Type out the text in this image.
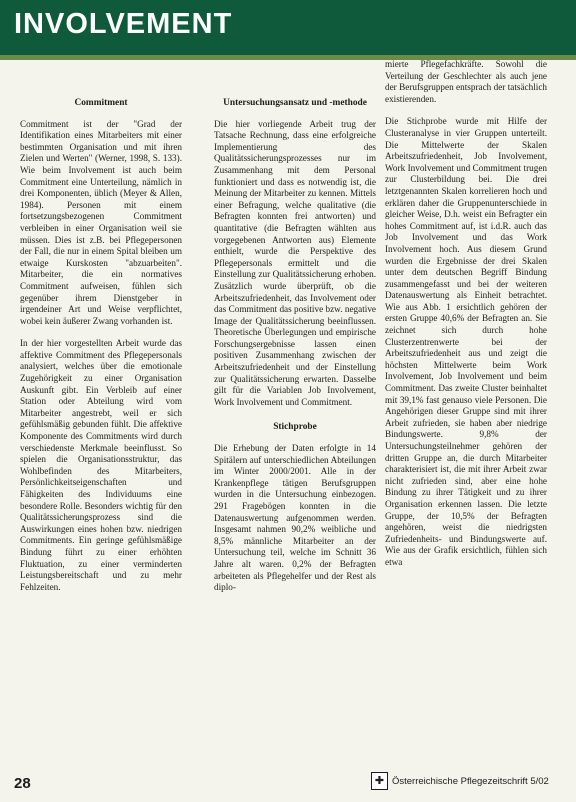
INVOLVEMENT
Commitment

Commitment ist der "Grad der Identifikation eines Mitarbeiters mit einer bestimmten Organisation und mit ihren Zielen und Werten" (Werner, 1998, S. 133). Wie beim Involvement ist auch beim Commitment eine Unterteilung, nämlich in drei Komponenten, üblich (Meyer & Allen, 1984). Personen mit einem fortsetzungsbezogenen Commitment verbleiben in einer Organisation weil sie müssen. Dies ist z.B. bei Pflegepersonen der Fall, die nur in einem Spital bleiben um etwaige Kurskosten "abzuarbeiten". Mitarbeiter, die ein normatives Commitment aufweisen, fühlen sich gegenüber ihrem Dienstgeber in irgendeiner Art und Weise verpflichtet, wobei kein äußerer Zwang vorhanden ist.

In der hier vorgestellten Arbeit wurde das affektive Commitment des Pflegepersonals analysiert, welches über die emotionale Zugehörigkeit zu einer Organisation Auskunft gibt. Ein Verbleib auf einer Station oder Abteilung wird vom Mitarbeiter angestrebt, weil er sich gefühlsmäßig gebunden fühlt. Die affektive Komponente des Commitments wird durch verschiedenste Merkmale beeinflusst. So spielen die Organisationsstruktur, das Wohlbefinden des Mitarbeiters, Persönlichkeitseigenschaften und Fähigkeiten des Individuums eine besondere Rolle. Besonders wichtig für den Qualitätssicherungsprozess sind die Auswirkungen eines hohen bzw. niedrigen Commitments. Ein geringe gefühlsmäßige Bindung führt zu einer erhöhten Fluktuation, zu einer verminderten Leistungsbereitschaft und zu mehr Fehlzeiten.

Untersuchungsansatz und -methode

Die hier vorliegende Arbeit trug der Tatsache Rechnung, dass eine erfolgreiche Implementierung des Qualitätssicherungsprozesses nur im Zusammenhang mit dem Personal funktioniert und dass es notwendig ist, die Meinung der Mitarbeiter zu kennen. Mittels einer Befragung, welche qualitative (die Befragten konnten frei antworten) und quantitative (die Befragten wählten aus vorgegebenen Antworten aus) Elemente enthielt, wurde die Perspektive des Pflegepersonals ermittelt und die Einstellung zur Qualitätssicherung erhoben. Zusätzlich wurde überprüft, ob die Arbeitszufriedenheit, das Involvement oder das Commitment das positive bzw. negative Image der Qualitätssicherung beeinflussen. Theoretische Überlegungen und empirische Forschungsergebnisse lassen einen positiven Zusammenhang zwischen der Arbeitszufriedenheit und der Einstellung zur Qualitätssicherung erwarten. Dasselbe gilt für die Variablen Job Involvement, Work Involvement und Commitment.

Stichprobe

Die Erhebung der Daten erfolgte in 14 Spitälern auf unterschiedlichen Abteilungen im Winter 2000/2001. Alle in der Krankenpflege tätigen Berufsgruppen wurden in die Untersuchung einbezogen. 291 Fragebögen konnten in die Datenauswertung aufgenommen werden. Insgesamt nahmen 90,2% weibliche und 8,5% männliche Mitarbeiter an der Untersuchung teil, welche im Schnitt 36 Jahre alt waren. 0,2% der Befragten arbeiteten als Pflegehelfer und der Rest als diplo-

mierte Pflegefachkräfte. Sowohl die Verteilung der Geschlechter als auch jene der Berufsgruppen entsprach der tatsächlich existierenden.

Die Stichprobe wurde mit Hilfe der Clusteranalyse in vier Gruppen unterteilt. Die Mittelwerte der Skalen Arbeitszufriedenheit, Job Involvement, Work Involvement und Commitment trugen zur Clusterbildung bei. Die drei letztgenannten Skalen korrelieren hoch und erklären daher die Gruppenunterschiede in gleicher Weise, D.h. weist ein Befragter ein hohes Commitment auf, ist i.d.R. auch das Job Involvement und das Work Involvement hoch. Aus diesem Grund wurden die Ergebnisse der drei Skalen unter dem deutschen Begriff Bindung zusammengefasst und bei der weiteren Datenauswertung als Einheit betrachtet. Wie aus Abb. 1 ersichtlich gehören der ersten Gruppe 40,6% der Befragten an. Sie zeichnet sich durch hohe Clusterzentrenwerte bei der Arbeitszufriedenheit aus und zeigt die höchsten Mittelwerte beim Work Involvement, Job Involvement und beim Commitment. Das zweite Cluster beinhaltet mit 39,1% fast genauso viele Personen. Die Angehörigen dieser Gruppe sind mit ihrer Arbeit zufrieden, sie haben aber niedrige Bindungswerte. 9,8% der Untersuchungsteilnehmer gehören der dritten Gruppe an, die durch Mitarbeiter charakterisiert ist, die mit ihrer Arbeit zwar nicht zufrieden sind, aber eine hohe Bindung zu ihrer Tätigkeit und zu ihrer Organisation erkennen lassen. Die letzte Gruppe, der 10,5% der Befragten angehören, weist die niedrigsten Zufriedenheits- und Bindungswerte auf. Wie aus der Grafik ersichtlich, fühlen sich etwa

28	✚ Österreichische Pflegezeitschrift 5/02
